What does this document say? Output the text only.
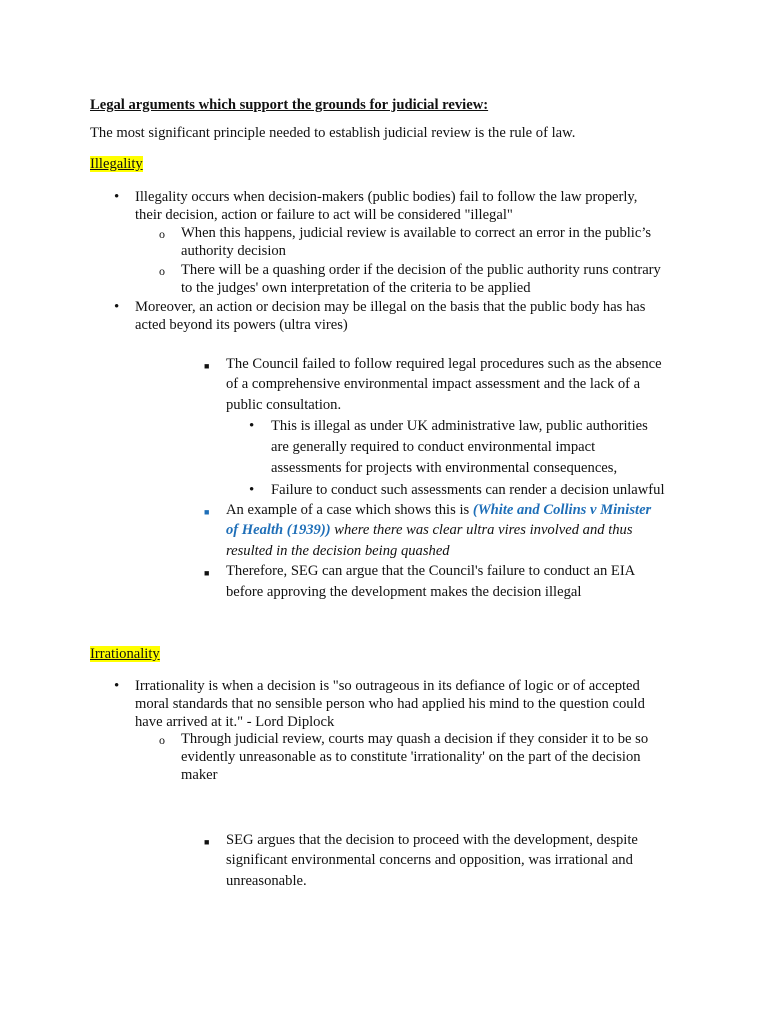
Legal arguments which support the grounds for judicial review:
The most significant principle needed to establish judicial review is the rule of law.
Illegality
• Illegality occurs when decision-makers (public bodies) fail to follow the law properly,
their decision, action or failure to act will be considered "illegal"
o When this happens, judicial review is available to correct an error in the public’s
authority decision
o There will be a quashing order if the decision of the public authority runs contrary
to the judges' own interpretation of the criteria to be applied
• Moreover, an action or decision may be illegal on the basis that the public body has has
acted beyond its powers (ultra vires)
■ The Council failed to follow required legal procedures such as the absence
of a comprehensive environmental impact assessment and the lack of a
public consultation.
• This is illegal as under UK administrative law, public authorities
are generally required to conduct environmental impact
assessments for projects with environmental consequences,
• Failure to conduct such assessments can render a decision unlawful
■ An example of a case which shows this is (White and Collins v Minister
of Health (1939)) where there was clear ultra vires involved and thus
resulted in the decision being quashed
■ Therefore, SEG can argue that the Council's failure to conduct an EIA
before approving the development makes the decision illegal
Irrationality
• Irrationality is when a decision is "so outrageous in its defiance of logic or of accepted
moral standards that no sensible person who had applied his mind to the question could
have arrived at it." - Lord Diplock
o Through judicial review, courts may quash a decision if they consider it to be so
evidently unreasonable as to constitute 'irrationality' on the part of the decision
maker
■ SEG argues that the decision to proceed with the development, despite
significant environmental concerns and opposition, was irrational and
unreasonable.
